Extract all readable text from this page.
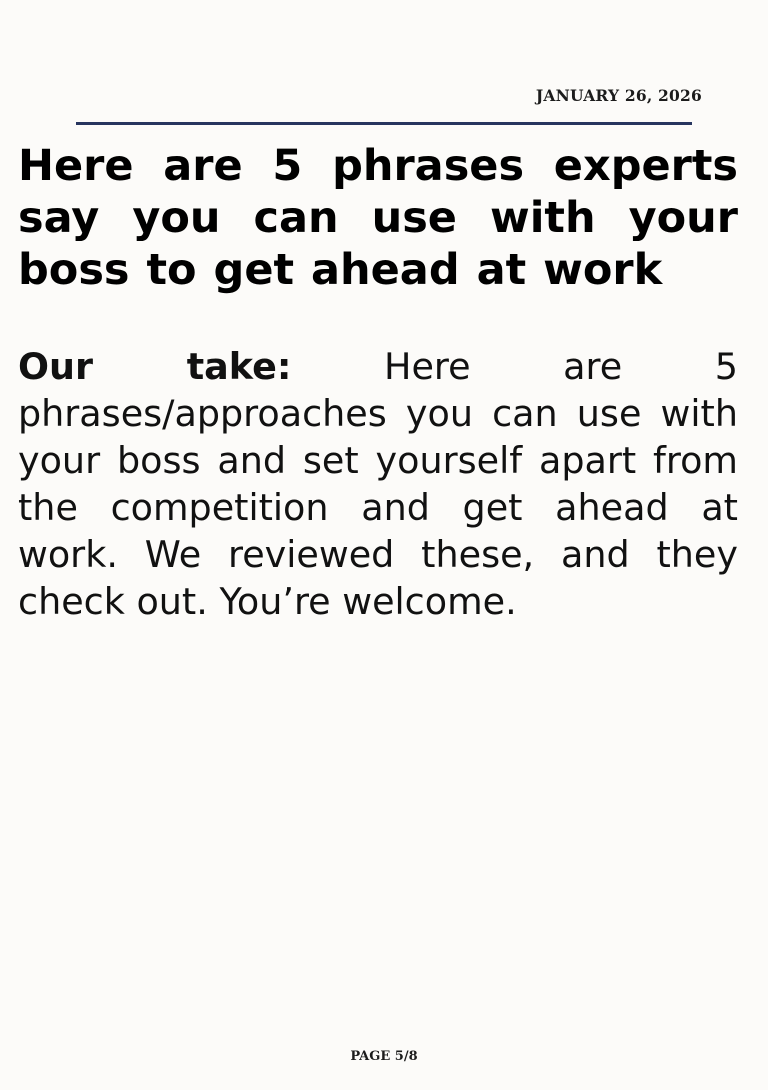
JANUARY 26, 2026
Here are 5 phrases experts say you can use with your boss to get ahead at work

Our take:	Here are 5 phrases/approaches you can use with your boss and set yourself apart from the competition and get ahead at work. We reviewed these, and they check out. You’re welcome.

PAGE 5/8
